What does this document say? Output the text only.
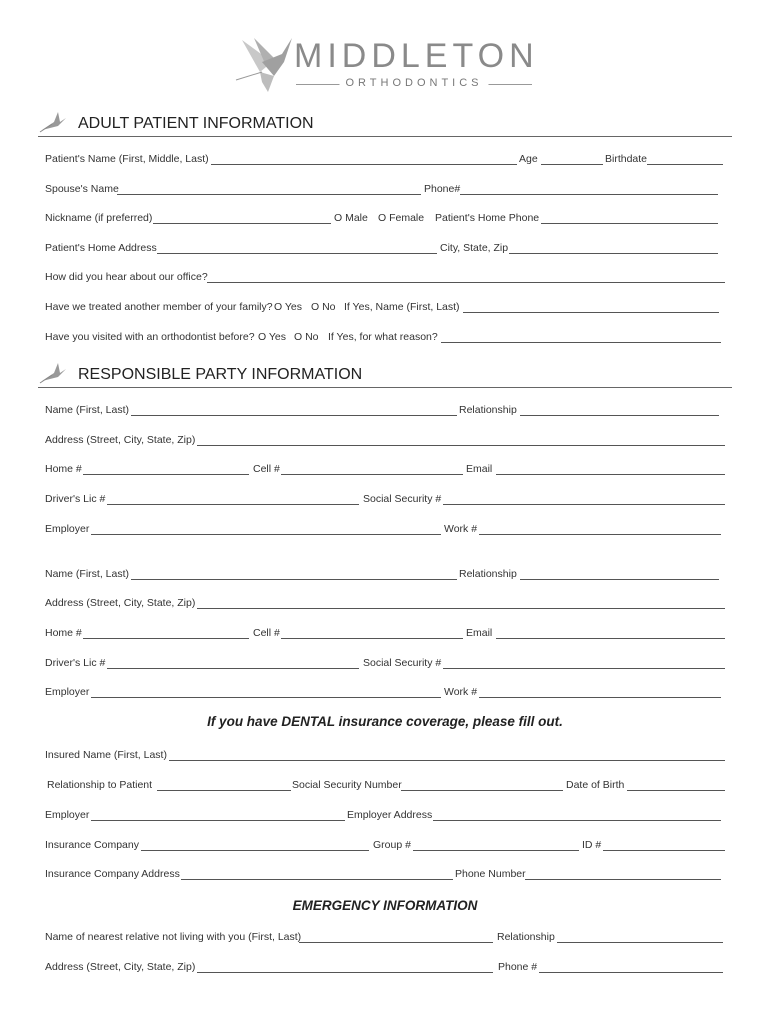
MIDDLETON
ORTHODONTICS
ADULT PATIENT INFORMATION
Patient's Name (First, Middle, Last)	Age	Birthdate
Spouse's Name	Phone#
Nickname (if preferred)	O Male O Female Patient's Home Phone
Patient's Home Address	City, State, Zip
How did you hear about our office?
Have we treated another member of your family? O Yes O No If Yes, Name (First, Last)
Have you visited with an orthodontist before? O Yes O No If Yes, for what reason?
RESPONSIBLE PARTY INFORMATION
Name (First, Last)	Relationship
Address (Street, City, State, Zip)
Home #	Cell #	Email
Driver's Lic #	Social Security #
Employer	Work #
Name (First, Last)	Relationship
Address (Street, City, State, Zip)
Home #	Cell #	Email
Driver's Lic #	Social Security #
Employer	Work #
If you have DENTAL insurance coverage, please fill out.
Insured Name (First, Last)
Relationship to Patient	Social Security Number	Date of Birth
Employer	Employer Address
Insurance Company	Group #	ID #
Insurance Company Address	Phone Number
EMERGENCY INFORMATION
Name of nearest relative not living with you (First, Last)	Relationship
Address (Street, City, State, Zip)	Phone #
